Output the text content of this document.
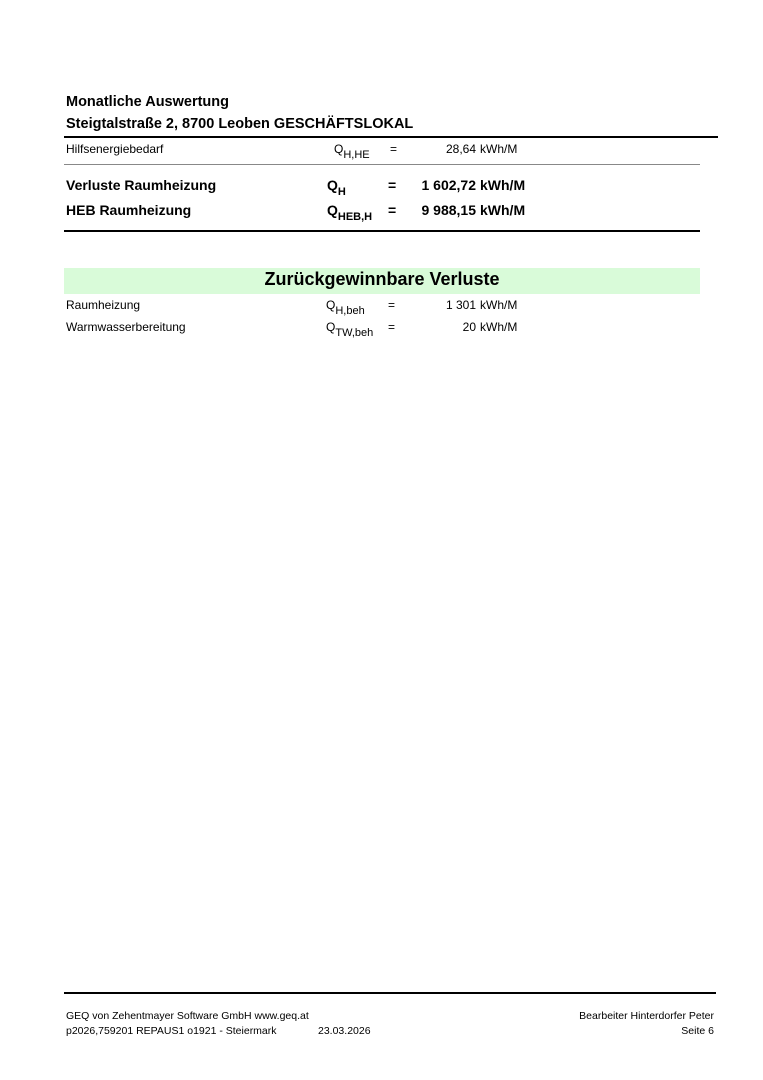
Monatliche Auswertung
Steigtalstraße 2, 8700 Leoben GESCHÄFTSLOKAL
Hilfsenergiebedarf	$Q_{H,HE}$ =	28,64 kWh/M
Verluste Raumheizung	$Q_H$	=	1 602,72 kWh/M
HEB Raumheizung	$Q_{HEB,H}$ =	9 988,15 kWh/M
Zurückgewinnbare Verluste
Raumheizung	$Q_{H,beh}$ =	1 301 kWh/M
Warmwasserbereitung	$Q_{TW,beh}$ =	20 kWh/M
GEQ von Zehentmayer Software GmbH www.geq.at
p2026,759201 REPAUS1 o1921 - Steiermark	23.03.2026
Bearbeiter Hinterdorfer Peter
Seite 6
